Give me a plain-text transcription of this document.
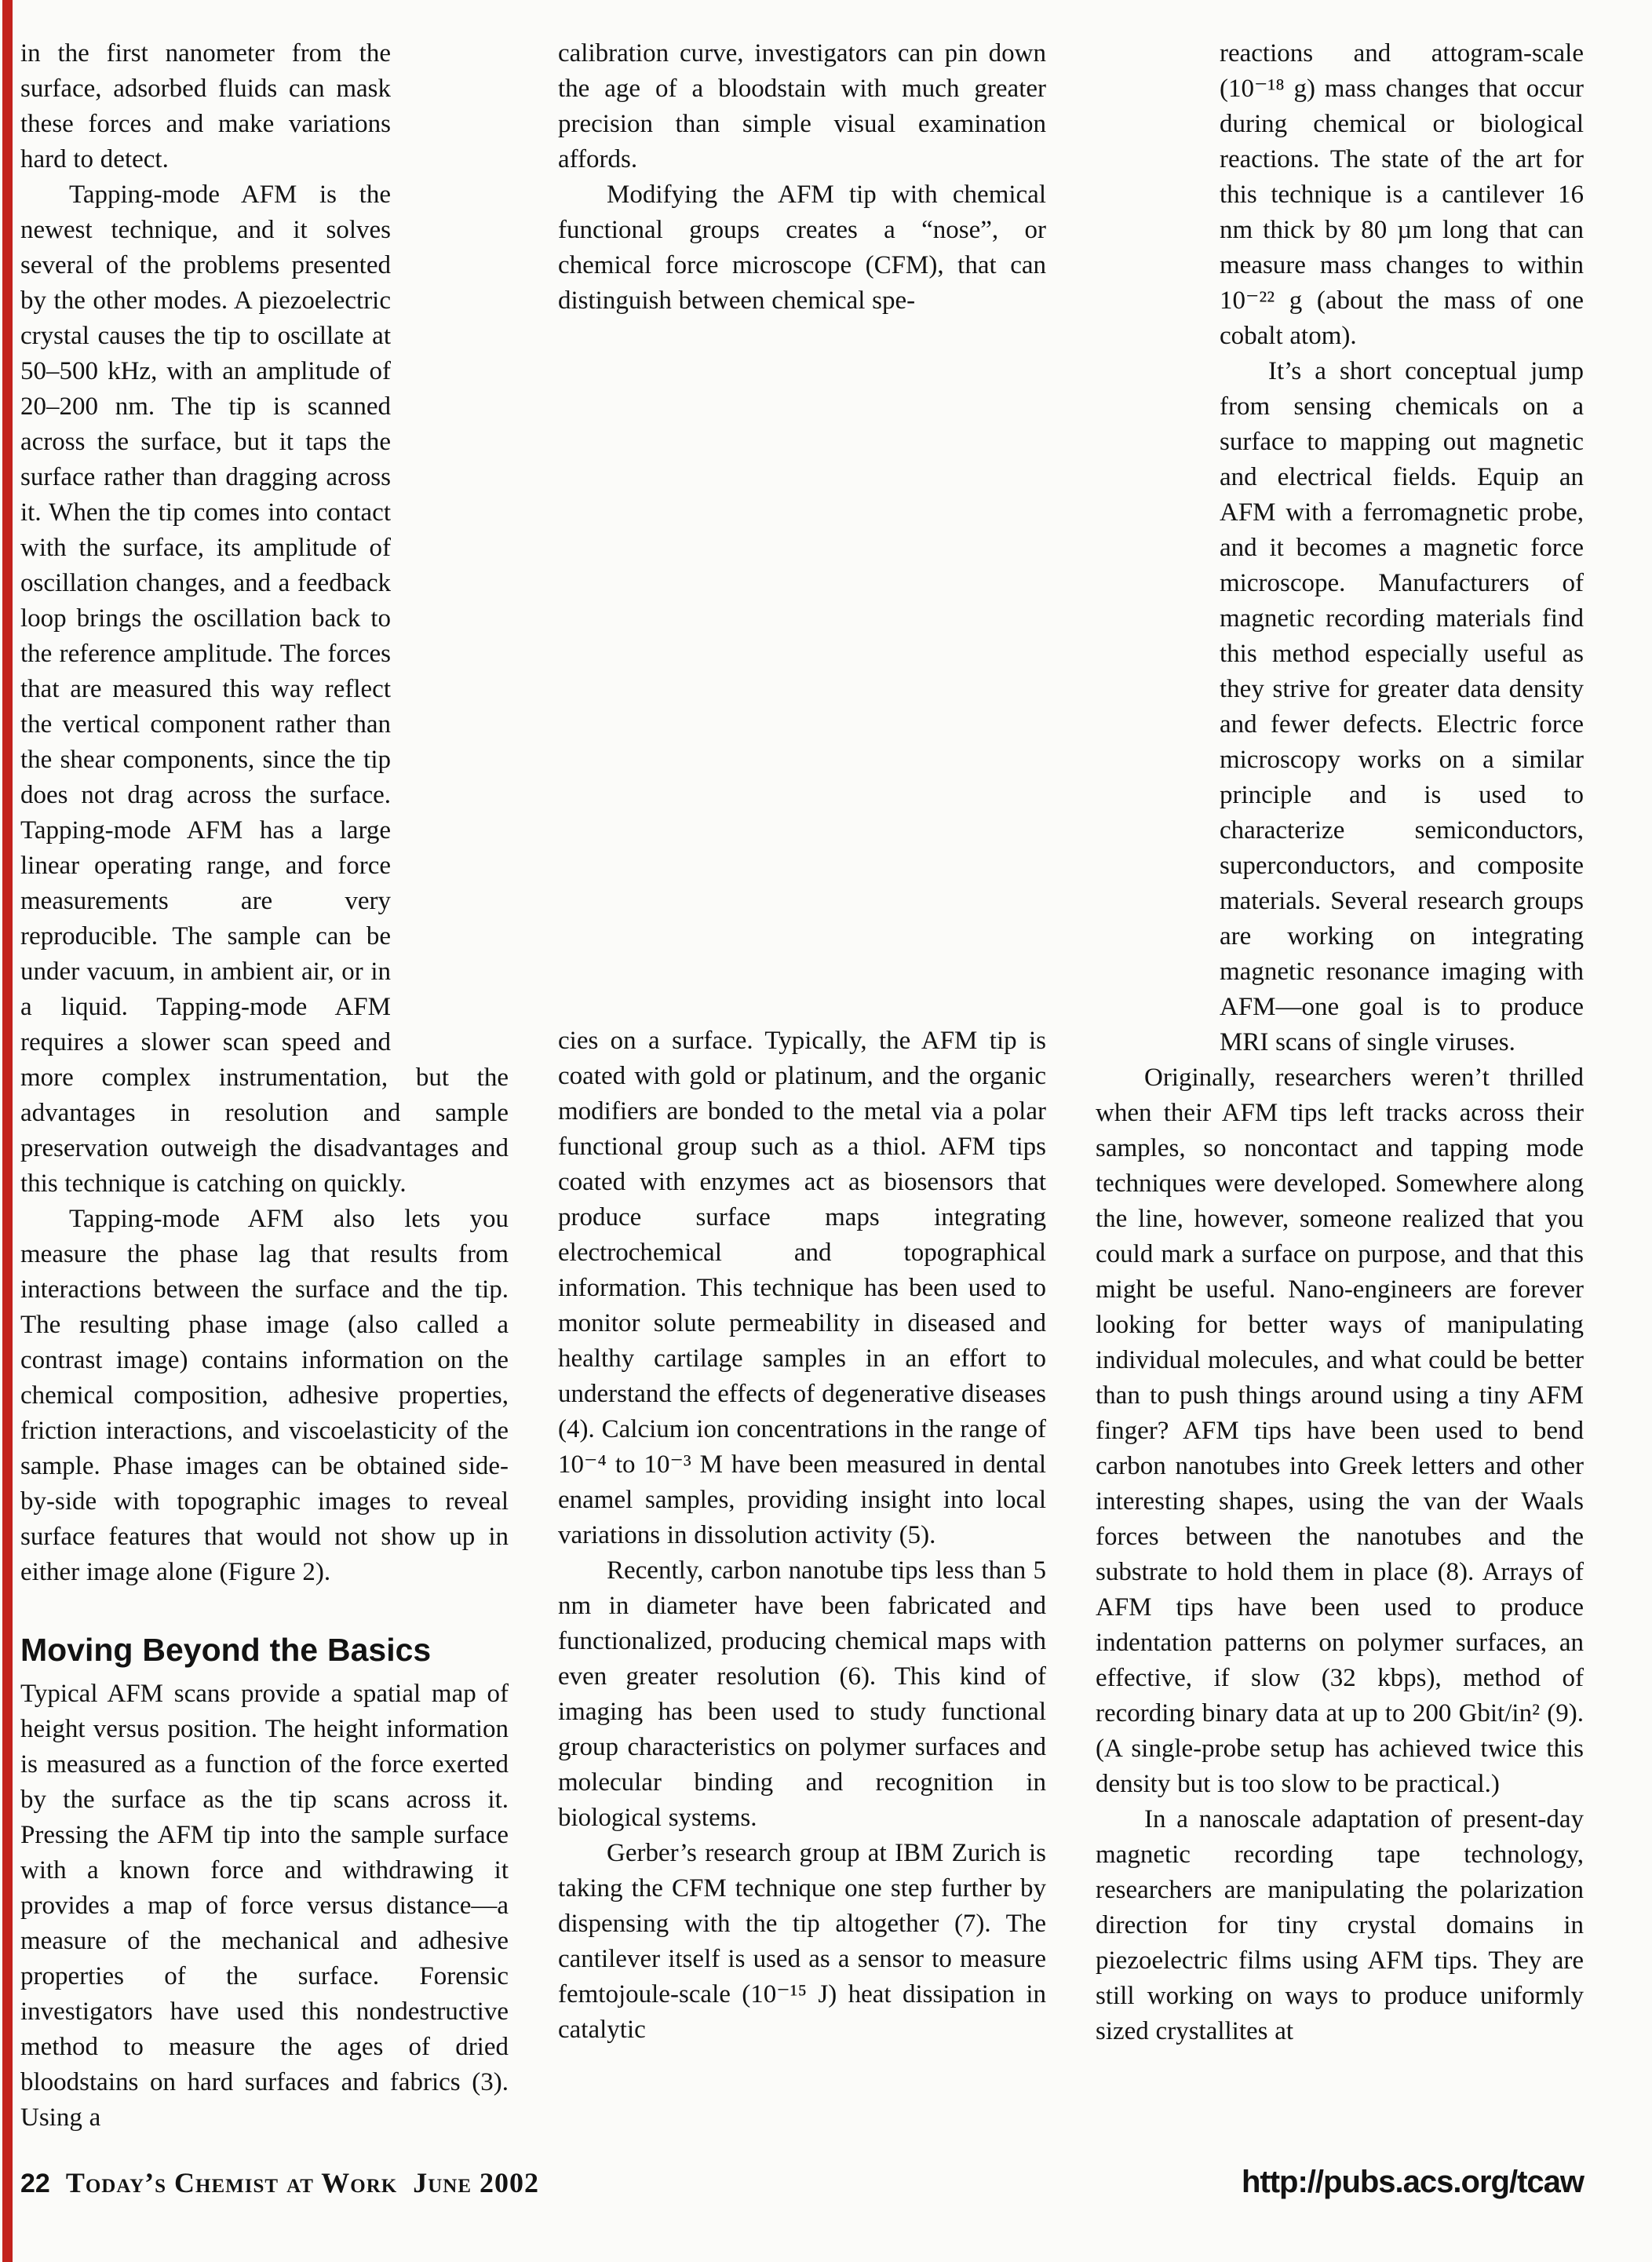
in the first nanometer from the surface, adsorbed fluids can mask these forces and make variations hard to detect.

Tapping-mode AFM is the newest technique, and it solves several of the problems presented by the other modes. A piezoelectric crystal causes the tip to oscillate at 50–500 kHz, with an amplitude of 20–200 nm. The tip is scanned across the surface, but it taps the surface rather than dragging across it. When the tip comes into contact with the surface, its amplitude of oscillation changes, and a feedback loop brings the oscillation back to the reference amplitude. The forces that are measured this way reflect the vertical component rather than the shear components, since the tip does not drag across the surface. Tapping-mode AFM has a large linear operating range, and force measurements are very reproducible. The sample can be under vacuum, in ambient air, or in a liquid. Tapping-mode AFM requires a slower scan speed and more complex instrumentation, but the advantages in resolution and sample preservation outweigh the disadvantages and this technique is catching on quickly.

Tapping-mode AFM also lets you measure the phase lag that results from interactions between the surface and the tip. The resulting phase image (also called a contrast image) contains information on the chemical composition, adhesive properties, friction interactions, and viscoelasticity of the sample. Phase images can be obtained side-by-side with topographic images to reveal surface features that would not show up in either image alone (Figure 2).

Moving Beyond the Basics

Typical AFM scans provide a spatial map of height versus position. The height information is measured as a function of the force exerted by the surface as the tip scans across it. Pressing the AFM tip into the sample surface with a known force and withdrawing it provides a map of force versus distance—a measure of the mechanical and adhesive properties of the surface. Forensic investigators have used this nondestructive method to measure the ages of dried bloodstains on hard surfaces and fabrics (3). Using a

calibration curve, investigators can pin down the age of a bloodstain with much greater precision than simple visual examination affords.

Modifying the AFM tip with chemical functional groups creates a “nose”, or chemical force microscope (CFM), that can distinguish between chemical spe-

cies on a surface. Typically, the AFM tip is coated with gold or platinum, and the organic modifiers are bonded to the metal via a polar functional group such as a thiol. AFM tips coated with enzymes act as biosensors that produce surface maps integrating electrochemical and topographical information. This technique has been used to monitor solute permeability in diseased and healthy cartilage samples in an effort to understand the effects of degenerative diseases (4). Calcium ion concentrations in the range of 10⁻⁴ to 10⁻³ M have been measured in dental enamel samples, providing insight into local variations in dissolution activity (5).

Recently, carbon nanotube tips less than 5 nm in diameter have been fabricated and functionalized, producing chemical maps with even greater resolution (6). This kind of imaging has been used to study functional group characteristics on polymer surfaces and molecular binding and recognition in biological systems.

Gerber’s research group at IBM Zurich is taking the CFM technique one step further by dispensing with the tip altogether (7). The cantilever itself is used as a sensor to measure femtojoule-scale (10⁻¹⁵ J) heat dissipation in catalytic

reactions and attogram-scale (10⁻¹⁸ g) mass changes that occur during chemical or biological reactions. The state of the art for this technique is a cantilever 16 nm thick by 80 µm long that can measure mass changes to within 10⁻²² g (about the mass of one cobalt atom).

It’s a short conceptual jump from sensing chemicals on a surface to mapping out magnetic and electrical fields. Equip an AFM with a ferromagnetic probe, and it becomes a magnetic force microscope. Manufacturers of magnetic recording materials find this method especially useful as they strive for greater data density and fewer defects. Electric force microscopy works on a similar principle and is used to characterize semiconductors, superconductors, and composite materials. Several research groups are working on integrating magnetic resonance imaging with AFM—one goal is to produce MRI scans of single viruses.

Originally, researchers weren’t thrilled when their AFM tips left tracks across their samples, so noncontact and tapping mode techniques were developed. Somewhere along the line, however, someone realized that you could mark a surface on purpose, and that this might be useful. Nano-engineers are forever looking for better ways of manipulating individual molecules, and what could be better than to push things around using a tiny AFM finger? AFM tips have been used to bend carbon nanotubes into Greek letters and other interesting shapes, using the van der Waals forces between the nanotubes and the substrate to hold them in place (8). Arrays of AFM tips have been used to produce indentation patterns on polymer surfaces, an effective, if slow (32 kbps), method of recording binary data at up to 200 Gbit/in² (9). (A single-probe setup has achieved twice this density but is too slow to be practical.)

In a nanoscale adaptation of present-day magnetic recording tape technology, researchers are manipulating the polarization direction for tiny crystal domains in piezoelectric films using AFM tips. They are still working on ways to produce uniformly sized crystallites at

22 Today’s Chemist at Work June 2002	http://pubs.acs.org/tcaw
